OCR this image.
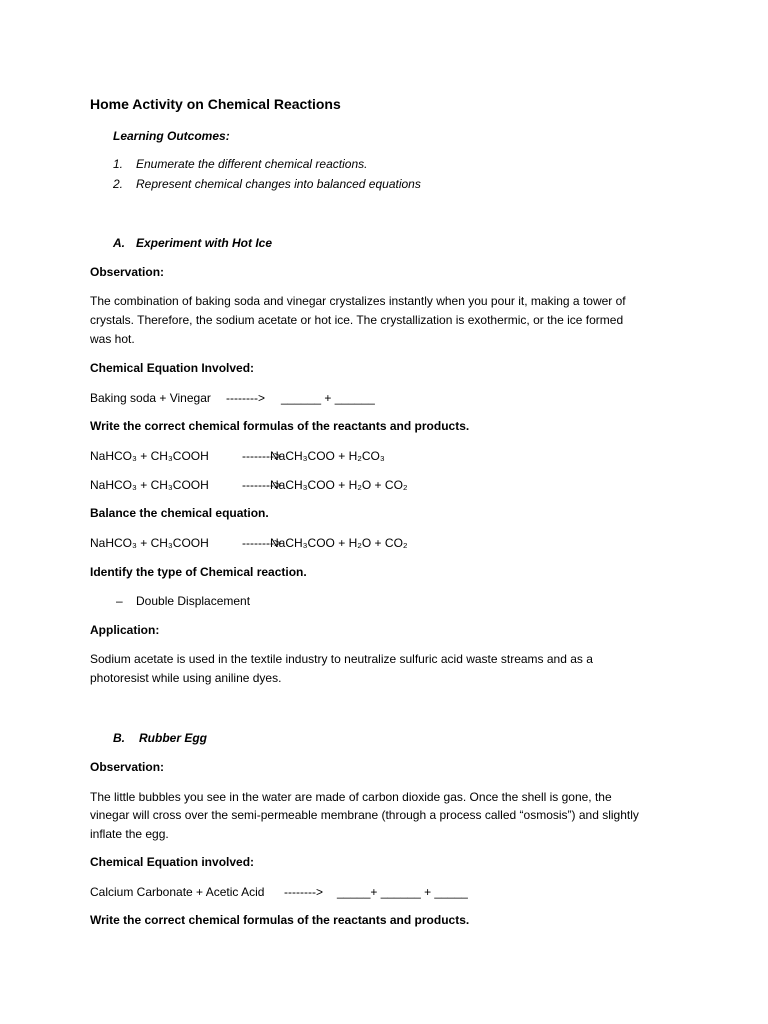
Home Activity on Chemical Reactions
Learning Outcomes:
1. Enumerate the different chemical reactions.
2. Represent chemical changes into balanced equations
A. Experiment with Hot Ice
Observation:
The combination of baking soda and vinegar crystalizes instantly when you pour it, making a tower of
crystals. Therefore, the sodium acetate or hot ice. The crystallization is exothermic, or the ice formed
was hot.
Chemical Equation Involved:
Baking soda + Vinegar --------> ______ + ______
Write the correct chemical formulas of the reactants and products.
NaHCO₃ + CH₃COOH	-------->
NaCH₃COO + H₂CO₃
NaHCO₃ + CH₃COOH	-------->
NaCH₃COO + H₂O + CO₂
Balance the chemical equation.
NaHCO₃ + CH₃COOH	-------->
NaCH₃COO + H₂O + CO₂
Identify the type of Chemical reaction.
– Double Displacement
Application:
Sodium acetate is used in the textile industry to neutralize sulfuric acid waste streams and as a
photoresist while using aniline dyes.
B. Rubber Egg
Observation:
The little bubbles you see in the water are made of carbon dioxide gas. Once the shell is gone, the
vinegar will cross over the semi-permeable membrane (through a process called “osmosis”) and slightly
inflate the egg.
Chemical Equation involved:
Calcium Carbonate + Acetic Acid --------> _____+ ______ + _____
Write the correct chemical formulas of the reactants and products.
